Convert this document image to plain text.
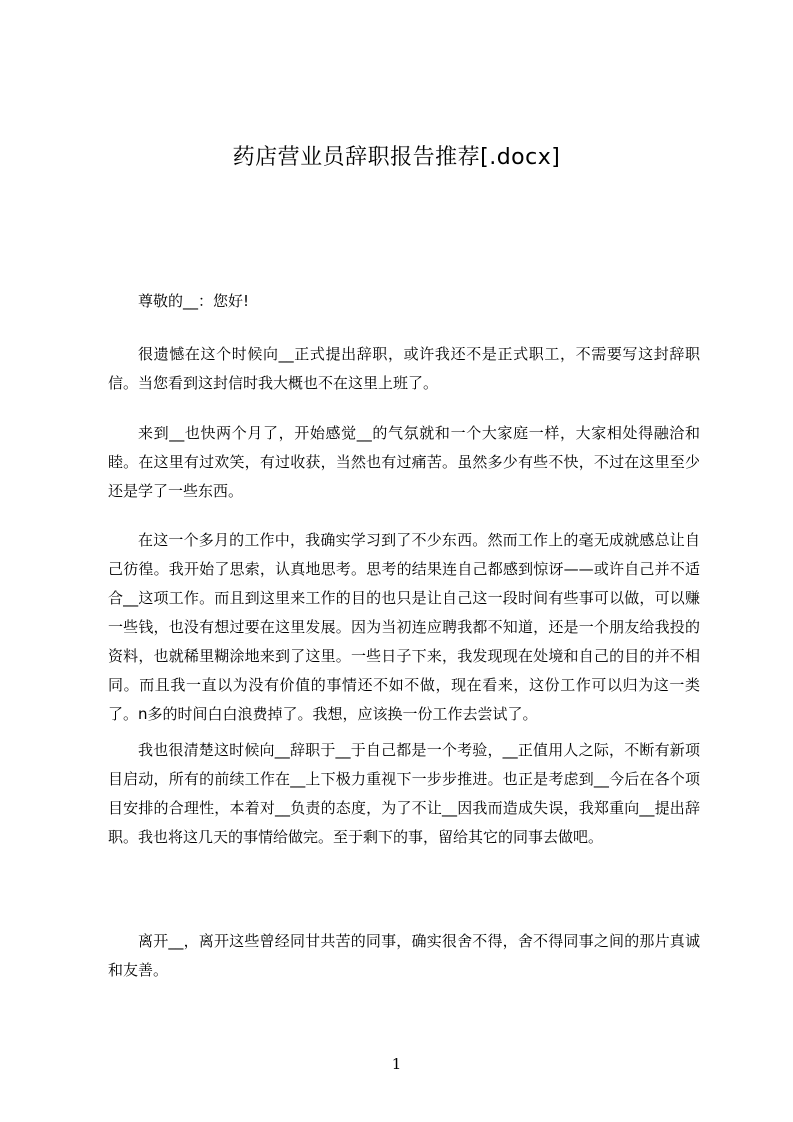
药店营业员辞职报告推荐[.docx]
尊敬的__：您好!

很遗憾在这个时候向__正式提出辞职，或许我还不是正式职工，不需要写这封辞职信。当您看到这封信时我大概也不在这里上班了。

来到__也快两个月了，开始感觉__的气氛就和一个大家庭一样，大家相处得融洽和睦。在这里有过欢笑，有过收获，当然也有过痛苦。虽然多少有些不快，不过在这里至少还是学了一些东西。

在这一个多月的工作中，我确实学习到了不少东西。然而工作上的毫无成就感总让自己彷徨。我开始了思索，认真地思考。思考的结果连自己都感到惊讶——或许自己并不适合__这项工作。而且到这里来工作的目的也只是让自己这一段时间有些事可以做，可以赚一些钱，也没有想过要在这里发展。因为当初连应聘我都不知道，还是一个朋友给我投的资料，也就稀里糊涂地来到了这里。一些日子下来，我发现现在处境和自己的目的并不相同。而且我一直以为没有价值的事情还不如不做，现在看来，这份工作可以归为这一类了。n多的时间白白浪费掉了。我想，应该换一份工作去尝试了。

我也很清楚这时候向__辞职于__于自己都是一个考验，__正值用人之际，不断有新项目启动，所有的前续工作在__上下极力重视下一步步推进。也正是考虑到__今后在各个项目安排的合理性，本着对__负责的态度，为了不让__因我而造成失误，我郑重向__提出辞职。我也将这几天的事情给做完。至于剩下的事，留给其它的同事去做吧。

离开__，离开这些曾经同甘共苦的同事，确实很舍不得，舍不得同事之间的那片真诚和友善。

1
